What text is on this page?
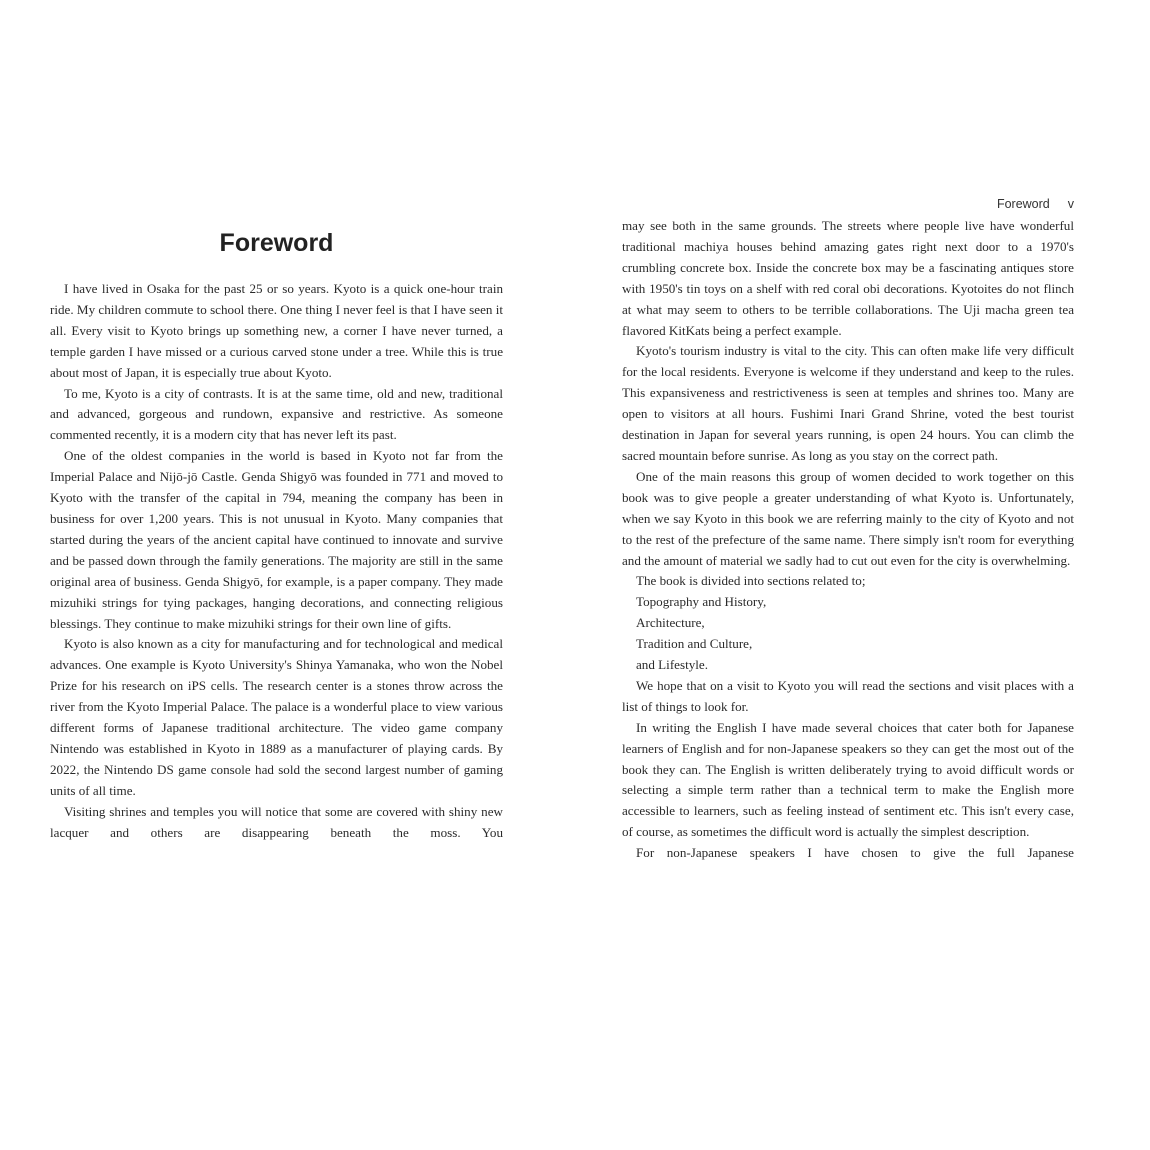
Foreword v
Foreword

I have lived in Osaka for the past 25 or so years. Kyoto is a quick one-hour train ride. My children commute to school there. One thing I never feel is that I have seen it all. Every visit to Kyoto brings up something new, a corner I have never turned, a temple garden I have missed or a curious carved stone under a tree. While this is true about most of Japan, it is especially true about Kyoto.

To me, Kyoto is a city of contrasts. It is at the same time, old and new, traditional and advanced, gorgeous and rundown, expansive and restrictive. As someone commented recently, it is a modern city that has never left its past.

One of the oldest companies in the world is based in Kyoto not far from the Imperial Palace and Nijō-jō Castle. Genda Shigyō was founded in 771 and moved to Kyoto with the transfer of the capital in 794, meaning the company has been in business for over 1,200 years. This is not unusual in Kyoto. Many companies that started during the years of the ancient capital have continued to innovate and survive and be passed down through the family generations. The majority are still in the same original area of business. Genda Shigyō, for example, is a paper company. They made mizuhiki strings for tying packages, hanging decorations, and connecting religious blessings. They continue to make mizuhiki strings for their own line of gifts.

Kyoto is also known as a city for manufacturing and for technological and medical advances. One example is Kyoto University's Shinya Yamanaka, who won the Nobel Prize for his research on iPS cells. The research center is a stones throw across the river from the Kyoto Imperial Palace. The palace is a wonderful place to view various different forms of Japanese traditional architecture. The video game company Nintendo was established in Kyoto in 1889 as a manufacturer of playing cards. By 2022, the Nintendo DS game console had sold the second largest number of gaming units of all time.

Visiting shrines and temples you will notice that some are covered with shiny new lacquer and others are disappearing beneath the moss. You

may see both in the same grounds. The streets where people live have wonderful traditional machiya houses behind amazing gates right next door to a 1970's crumbling concrete box. Inside the concrete box may be a fascinating antiques store with 1950's tin toys on a shelf with red coral obi decorations. Kyotoites do not flinch at what may seem to others to be terrible collaborations. The Uji macha green tea flavored KitKats being a perfect example.

Kyoto's tourism industry is vital to the city. This can often make life very difficult for the local residents. Everyone is welcome if they understand and keep to the rules. This expansiveness and restrictiveness is seen at temples and shrines too. Many are open to visitors at all hours. Fushimi Inari Grand Shrine, voted the best tourist destination in Japan for several years running, is open 24 hours. You can climb the sacred mountain before sunrise. As long as you stay on the correct path.

One of the main reasons this group of women decided to work together on this book was to give people a greater understanding of what Kyoto is. Unfortunately, when we say Kyoto in this book we are referring mainly to the city of Kyoto and not to the rest of the prefecture of the same name. There simply isn't room for everything and the amount of material we sadly had to cut out even for the city is overwhelming.

The book is divided into sections related to;

Topography and History,

Architecture,

Tradition and Culture,

and Lifestyle.

We hope that on a visit to Kyoto you will read the sections and visit places with a list of things to look for.

In writing the English I have made several choices that cater both for Japanese learners of English and for non-Japanese speakers so they can get the most out of the book they can. The English is written deliberately trying to avoid difficult words or selecting a simple term rather than a technical term to make the English more accessible to learners, such as feeling instead of sentiment etc. This isn't every case, of course, as sometimes the difficult word is actually the simplest description.

For non-Japanese speakers I have chosen to give the full Japanese
